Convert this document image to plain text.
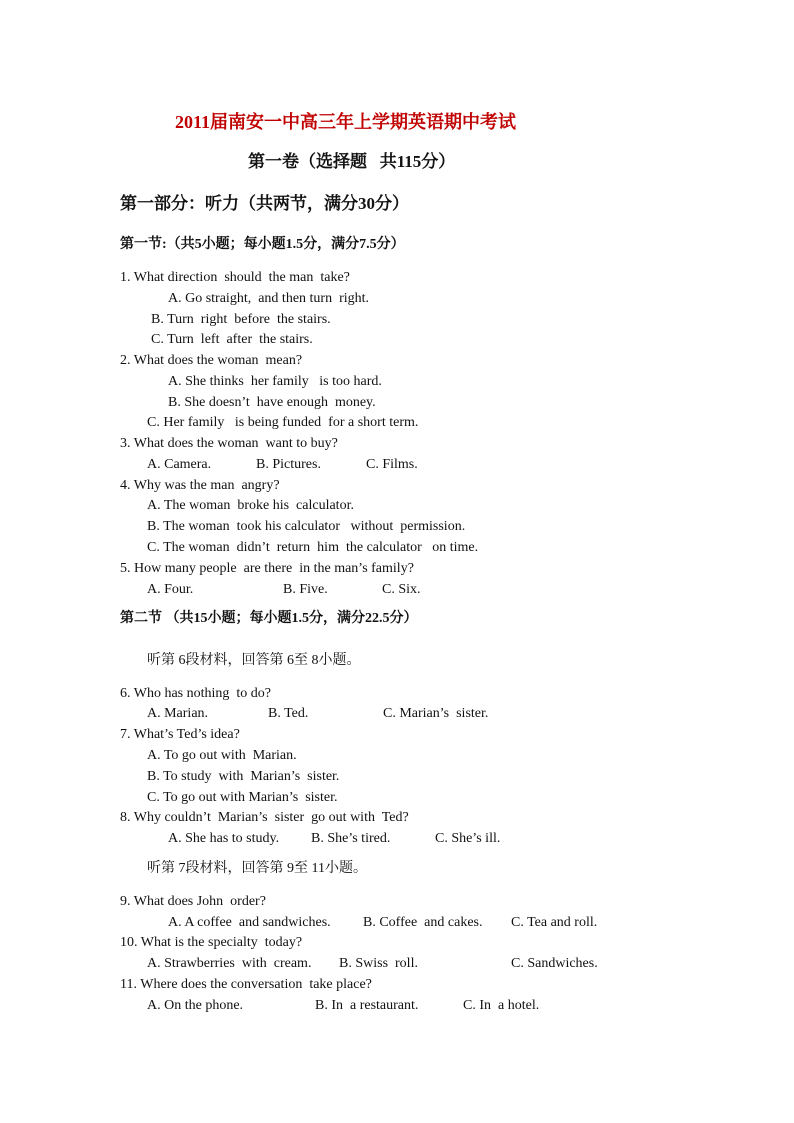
2011届南安一中高三年上学期英语期中考试
第一卷（选择题   共115分）
第一部分：听力（共两节，满分30分）
第一节:（共5小题；每小题1.5分，满分7.5分）
1. What direction  should  the man  take?
A. Go straight,  and then turn  right.
B. Turn  right  before  the stairs.
C. Turn  left  after  the stairs.
2. What does the woman  mean?
A. She thinks  her family   is too hard.
B. She doesn’t  have enough  money.
C. Her family   is being funded  for a short term.
3. What does the woman  want to buy?
A. Camera.	B. Pictures.	C. Films.
4. Why was the man  angry?
A. The woman  broke his  calculator.
B. The woman  took his calculator   without  permission.
C. The woman  didn’t  return  him  the calculator   on time.
5. How many people  are there  in the man’s family?
A. Four.	B. Five.	C. Six.
第二节 （共15小题；每小题1.5分，满分22.5分）
听第 6段材料，回答第 6至 8小题。
6. Who has nothing  to do?
A. Marian.	B. Ted.	C. Marian’s  sister.
7. What’s Ted’s idea?
A. To go out with  Marian.
B. To study  with  Marian’s  sister.
C. To go out with Marian’s  sister.
8. Why couldn’t  Marian’s  sister  go out with  Ted?
A. She has to study. B. She’s tired.	C. She’s ill.
听第 7段材料，回答第 9至 11小题。
9. What does John  order?
A. A coffee  and sandwiches. B. Coffee  and cakes. C. Tea and roll.
10. What is the specialty  today?
A. Strawberries  with  cream. B. Swiss  roll.	C. Sandwiches.
11. Where does the conversation  take place?
A. On the phone.	B. In  a restaurant.	C. In  a hotel.
